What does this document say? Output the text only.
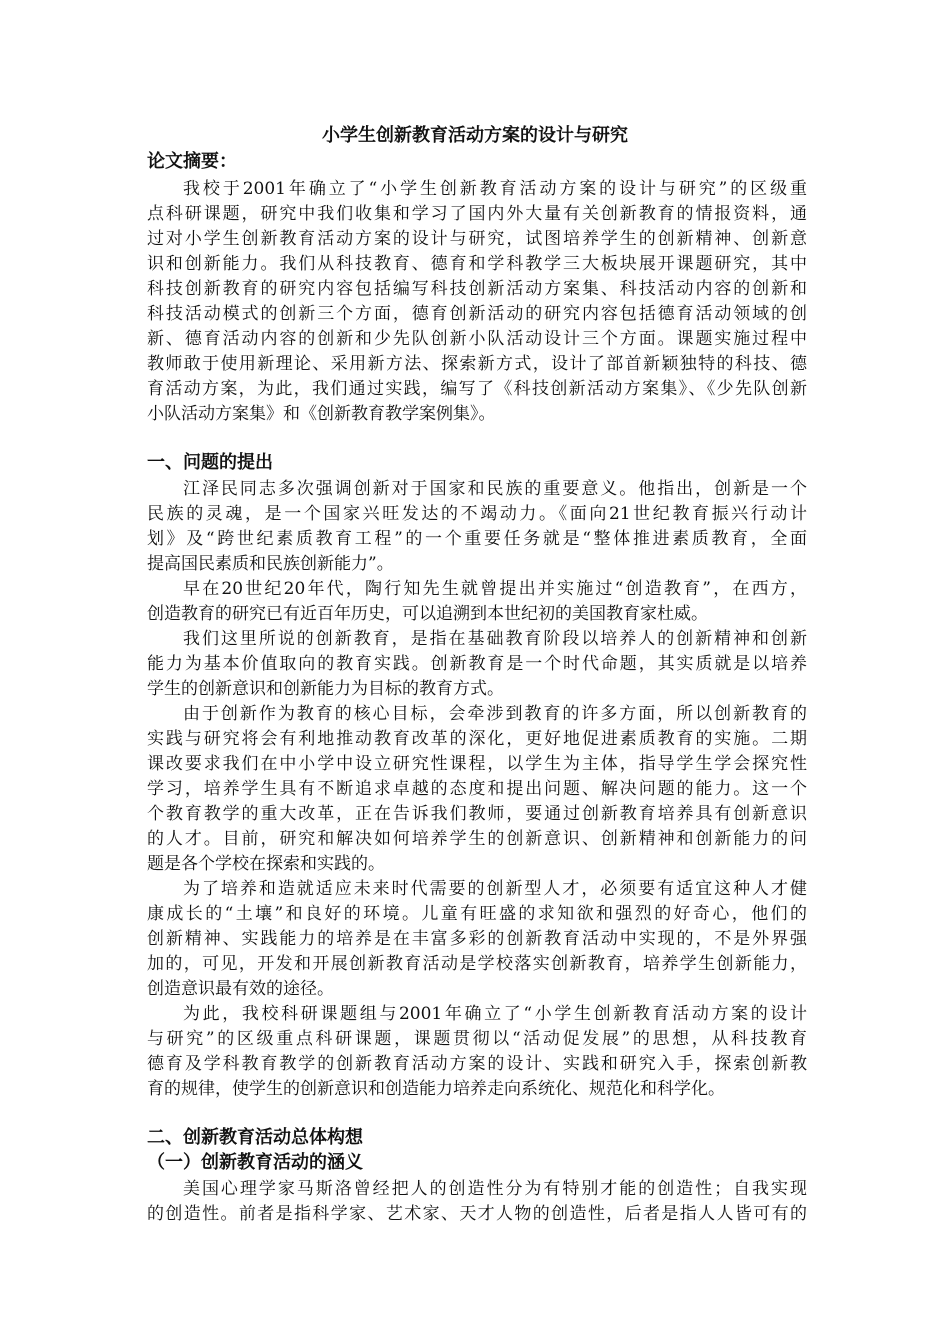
小学生创新教育活动方案的设计与研究
论文摘要：
我校于2001年确立了“小学生创新教育活动方案的设计与研究”的区级重
点科研课题，研究中我们收集和学习了国内外大量有关创新教育的情报资料，通
过对小学生创新教育活动方案的设计与研究，试图培养学生的创新精神、创新意
识和创新能力。我们从科技教育、德育和学科教学三大板块展开课题研究，其中
科技创新教育的研究内容包括编写科技创新活动方案集、科技活动内容的创新和
科技活动模式的创新三个方面，德育创新活动的研究内容包括德育活动领域的创
新、德育活动内容的创新和少先队创新小队活动设计三个方面。课题实施过程中
教师敢于使用新理论、采用新方法、探索新方式，设计了部首新颖独特的科技、德
育活动方案，为此，我们通过实践，编写了《科技创新活动方案集》、《少先队创新
小队活动方案集》和《创新教育教学案例集》。
一、问题的提出
江泽民同志多次强调创新对于国家和民族的重要意义。他指出，创新是一个
民族的灵魂，是一个国家兴旺发达的不竭动力。《面向21世纪教育振兴行动计
划》及“跨世纪素质教育工程”的一个重要任务就是“整体推进素质教育，全面
提高国民素质和民族创新能力”。
早在20世纪20年代，陶行知先生就曾提出并实施过“创造教育”，在西方，
创造教育的研究已有近百年历史，可以追溯到本世纪初的美国教育家杜威。
我们这里所说的创新教育，是指在基础教育阶段以培养人的创新精神和创新
能力为基本价值取向的教育实践。创新教育是一个时代命题，其实质就是以培养
学生的创新意识和创新能力为目标的教育方式。
由于创新作为教育的核心目标，会牵涉到教育的许多方面，所以创新教育的
实践与研究将会有利地推动教育改革的深化，更好地促进素质教育的实施。二期
课改要求我们在中小学中设立研究性课程，以学生为主体，指导学生学会探究性
学习，培养学生具有不断追求卓越的态度和提出问题、解决问题的能力。这一个
个教育教学的重大改革，正在告诉我们教师，要通过创新教育培养具有创新意识
的人才。目前，研究和解决如何培养学生的创新意识、创新精神和创新能力的问
题是各个学校在探索和实践的。
为了培养和造就适应未来时代需要的创新型人才，必须要有适宜这种人才健
康成长的“土壤”和良好的环境。儿童有旺盛的求知欲和强烈的好奇心，他们的
创新精神、实践能力的培养是在丰富多彩的创新教育活动中实现的，不是外界强
加的，可见，开发和开展创新教育活动是学校落实创新教育，培养学生创新能力，
创造意识最有效的途径。
为此，我校科研课题组与2001年确立了“小学生创新教育活动方案的设计
与研究”的区级重点科研课题，课题贯彻以“活动促发展”的思想，从科技教育
德育及学科教育教学的创新教育活动方案的设计、实践和研究入手，探索创新教
育的规律，使学生的创新意识和创造能力培养走向系统化、规范化和科学化。
二、创新教育活动总体构想
（一）创新教育活动的涵义
美国心理学家马斯洛曾经把人的创造性分为有特别才能的创造性；自我实现
的创造性。前者是指科学家、艺术家、天才人物的创造性，后者是指人人皆可有的
